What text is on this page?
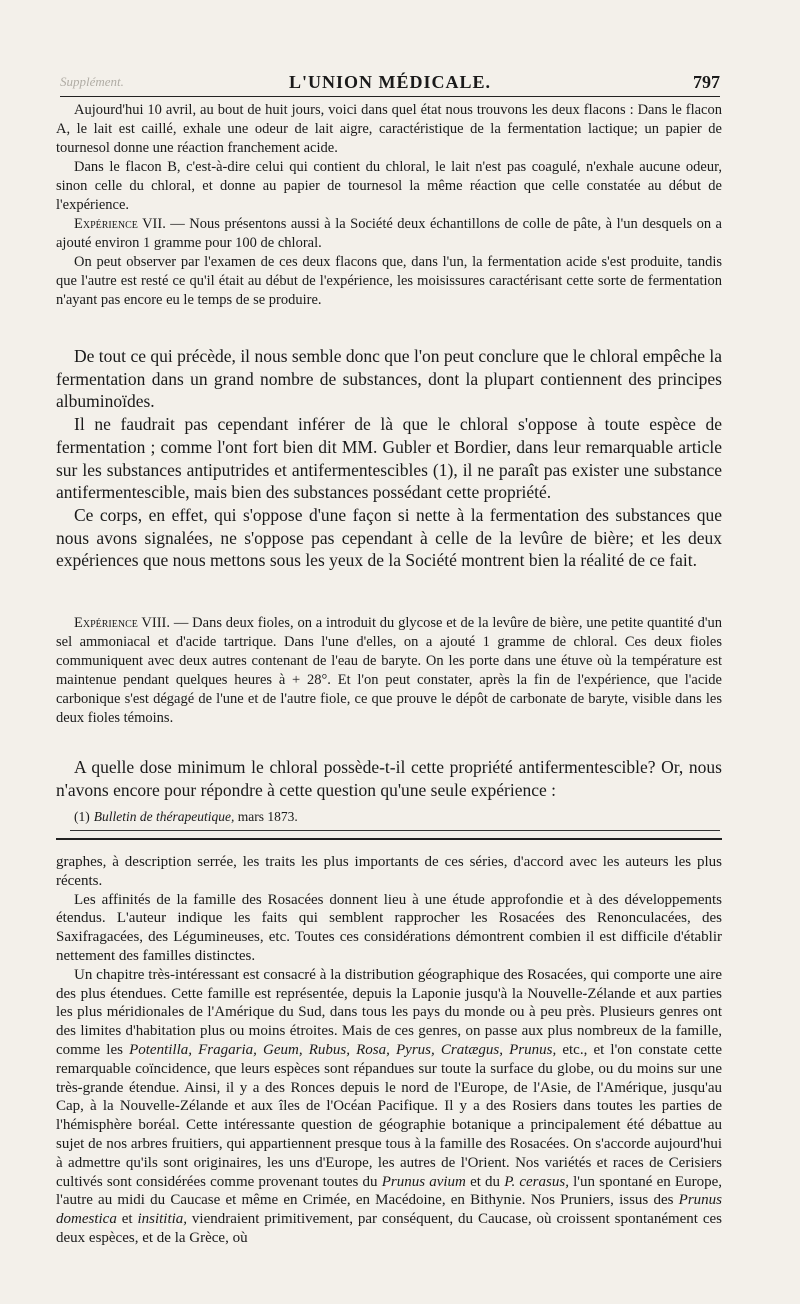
Supplément.	L'UNION MÉDICALE.	797

Aujourd'hui 10 avril, au bout de huit jours, voici dans quel état nous trouvons les deux flacons : Dans le flacon A, le lait est caillé, exhale une odeur de lait aigre, caractéristique de la fermentation lactique; un papier de tournesol donne une réaction franchement acide.

Dans le flacon B, c'est-à-dire celui qui contient du chloral, le lait n'est pas coagulé, n'exhale aucune odeur, sinon celle du chloral, et donne au papier de tournesol la même réaction que celle constatée au début de l'expérience.

Expérience VII. — Nous présentons aussi à la Société deux échantillons de colle de pâte, à l'un desquels on a ajouté environ 1 gramme pour 100 de chloral.

On peut observer par l'examen de ces deux flacons que, dans l'un, la fermentation acide s'est produite, tandis que l'autre est resté ce qu'il était au début de l'expérience, les moisissures caractérisant cette sorte de fermentation n'ayant pas encore eu le temps de se produire.

De tout ce qui précède, il nous semble donc que l'on peut conclure que le chloral empêche la fermentation dans un grand nombre de substances, dont la plupart contiennent des principes albuminoïdes.

Il ne faudrait pas cependant inférer de là que le chloral s'oppose à toute espèce de fermentation ; comme l'ont fort bien dit MM. Gubler et Bordier, dans leur remarquable article sur les substances antiputrides et antifermentescibles (1), il ne paraît pas exister une substance antifermentescible, mais bien des substances possédant cette propriété.

Ce corps, en effet, qui s'oppose d'une façon si nette à la fermentation des substances que nous avons signalées, ne s'oppose pas cependant à celle de la levûre de bière; et les deux expériences que nous mettons sous les yeux de la Société montrent bien la réalité de ce fait.

Expérience VIII. — Dans deux fioles, on a introduit du glycose et de la levûre de bière, une petite quantité d'un sel ammoniacal et d'acide tartrique. Dans l'une d'elles, on a ajouté 1 gramme de chloral. Ces deux fioles communiquent avec deux autres contenant de l'eau de baryte. On les porte dans une étuve où la température est maintenue pendant quelques heures à + 28°. Et l'on peut constater, après la fin de l'expérience, que l'acide carbonique s'est dégagé de l'une et de l'autre fiole, ce que prouve le dépôt de carbonate de baryte, visible dans les deux fioles témoins.

A quelle dose minimum le chloral possède-t-il cette propriété antifermentescible? Or, nous n'avons encore pour répondre à cette question qu'une seule expérience :

(1) Bulletin de thérapeutique, mars 1873.

graphes, à description serrée, les traits les plus importants de ces séries, d'accord avec les auteurs les plus récents.

Les affinités de la famille des Rosacées donnent lieu à une étude approfondie et à des développements étendus. L'auteur indique les faits qui semblent rapprocher les Rosacées des Renonculacées, des Saxifragacées, des Légumineuses, etc. Toutes ces considérations démontrent combien il est difficile d'établir nettement des familles distinctes.

Un chapitre très-intéressant est consacré à la distribution géographique des Rosacées, qui comporte une aire des plus étendues. Cette famille est représentée, depuis la Laponie jusqu'à la Nouvelle-Zélande et aux parties les plus méridionales de l'Amérique du Sud, dans tous les pays du monde ou à peu près. Plusieurs genres ont des limites d'habitation plus ou moins étroites. Mais de ces genres, on passe aux plus nombreux de la famille, comme les Potentilla, Fragaria, Geum, Rubus, Rosa, Pyrus, Cratægus, Prunus, etc., et l'on constate cette remarquable coïncidence, que leurs espèces sont répandues sur toute la surface du globe, ou du moins sur une très-grande étendue. Ainsi, il y a des Ronces depuis le nord de l'Europe, de l'Asie, de l'Amérique, jusqu'au Cap, à la Nouvelle-Zélande et aux îles de l'Océan Pacifique. Il y a des Rosiers dans toutes les parties de l'hémisphère boréal. Cette intéressante question de géographie botanique a principalement été débattue au sujet de nos arbres fruitiers, qui appartiennent presque tous à la famille des Rosacées. On s'accorde aujourd'hui à admettre qu'ils sont originaires, les uns d'Europe, les autres de l'Orient. Nos variétés et races de Cerisiers cultivés sont considérées comme provenant toutes du Prunus avium et du P. cerasus, l'un spontané en Europe, l'autre au midi du Caucase et même en Crimée, en Macédoine, en Bithynie. Nos Pruniers, issus des Prunus domestica et insititia, viendraient primitivement, par conséquent, du Caucase, où croissent spontanément ces deux espèces, et de la Grèce, où
